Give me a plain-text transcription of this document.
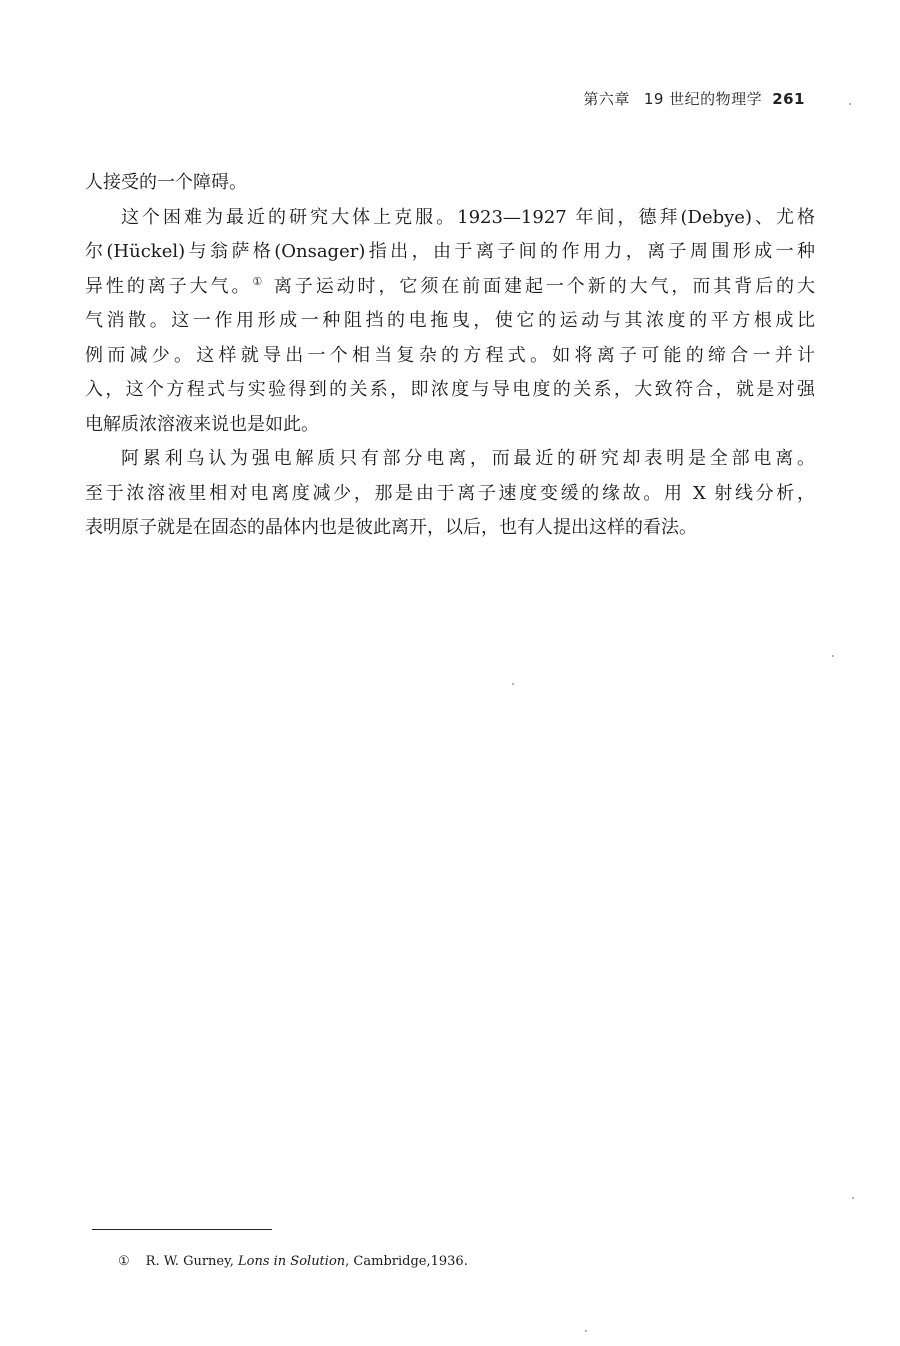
第六章 19 世纪的物理学 261
人接受的一个障碍。
这个困难为最近的研究大体上克服。1923—1927 年间，德拜(Debye)、尤格
尔(Hückel)与翁萨格(Onsager)指出，由于离子间的作用力，离子周围形成一种
异性的离子大气。① 离子运动时，它须在前面建起一个新的大气，而其背后的大
气消散。这一作用形成一种阻挡的电拖曳，使它的运动与其浓度的平方根成比
例而减少。这样就导出一个相当复杂的方程式。如将离子可能的缔合一并计
入，这个方程式与实验得到的关系，即浓度与导电度的关系，大致符合，就是对强
电解质浓溶液来说也是如此。
阿累利乌认为强电解质只有部分电离，而最近的研究却表明是全部电离。
至于浓溶液里相对电离度减少，那是由于离子速度变缓的缘故。用 X 射线分析，
表明原子就是在固态的晶体内也是彼此离开，以后，也有人提出这样的看法。
① R. W. Gurney, Lons in Solution, Cambridge,1936.
